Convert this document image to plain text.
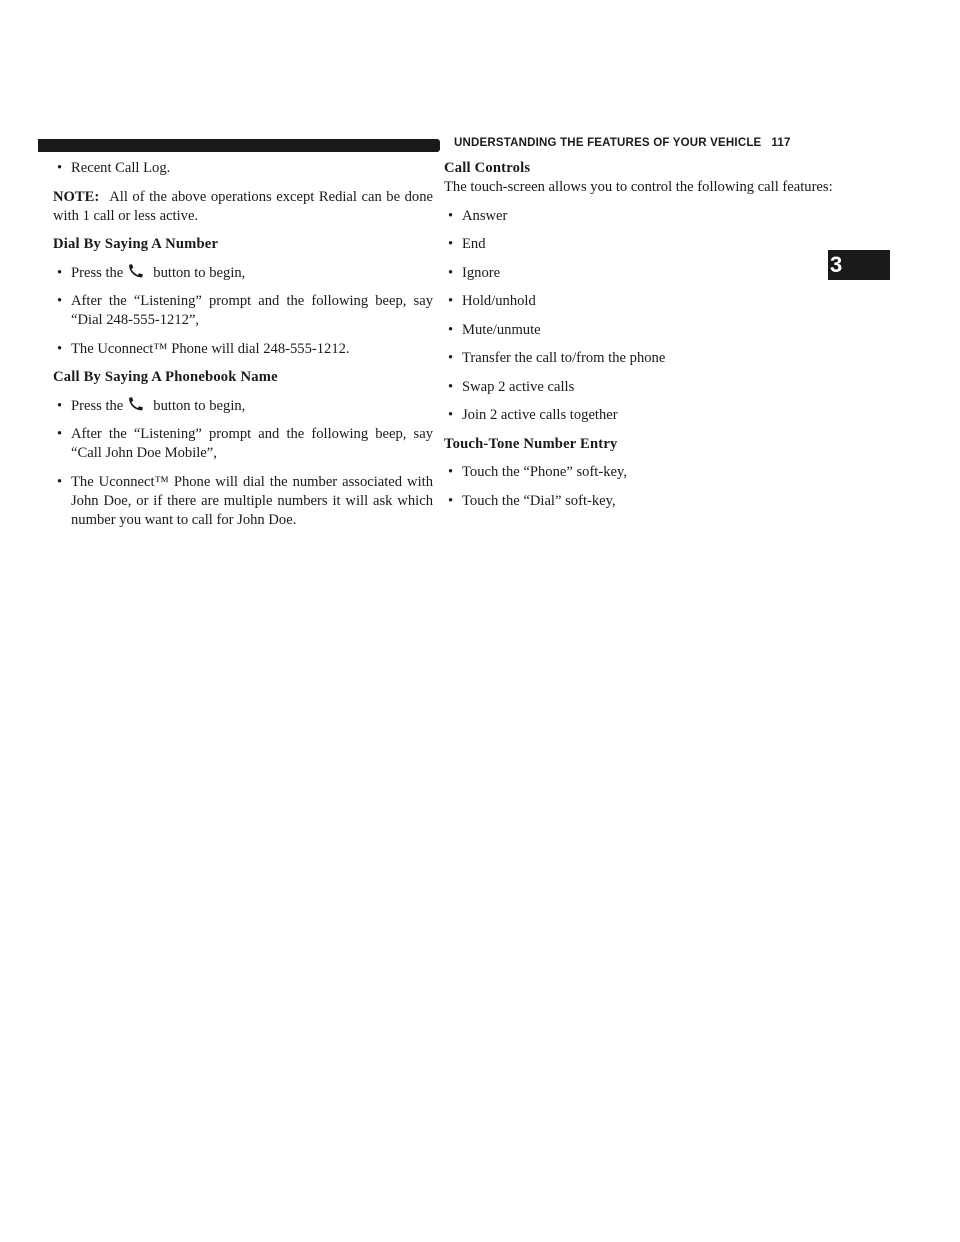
UNDERSTANDING THE FEATURES OF YOUR VEHICLE 117
3
• Recent Call Log.
NOTE: All of the above operations except Redial can be done with 1 call or less active.
Dial By Saying A Number
• Press the button to begin,
• After the “Listening” prompt and the following beep, say “Dial 248-555-1212”,
• The Uconnect™ Phone will dial 248-555-1212.
Call By Saying A Phonebook Name
• Press the button to begin,
• After the “Listening” prompt and the following beep, say “Call John Doe Mobile”,
• The Uconnect™ Phone will dial the number associated with John Doe, or if there are multiple numbers it will ask which number you want to call for John Doe.
Call Controls
The touch-screen allows you to control the following call features:
• Answer
• End
• Ignore
• Hold/unhold
• Mute/unmute
• Transfer the call to/from the phone
• Swap 2 active calls
• Join 2 active calls together
Touch-Tone Number Entry
• Touch the “Phone” soft-key,
• Touch the “Dial” soft-key,
